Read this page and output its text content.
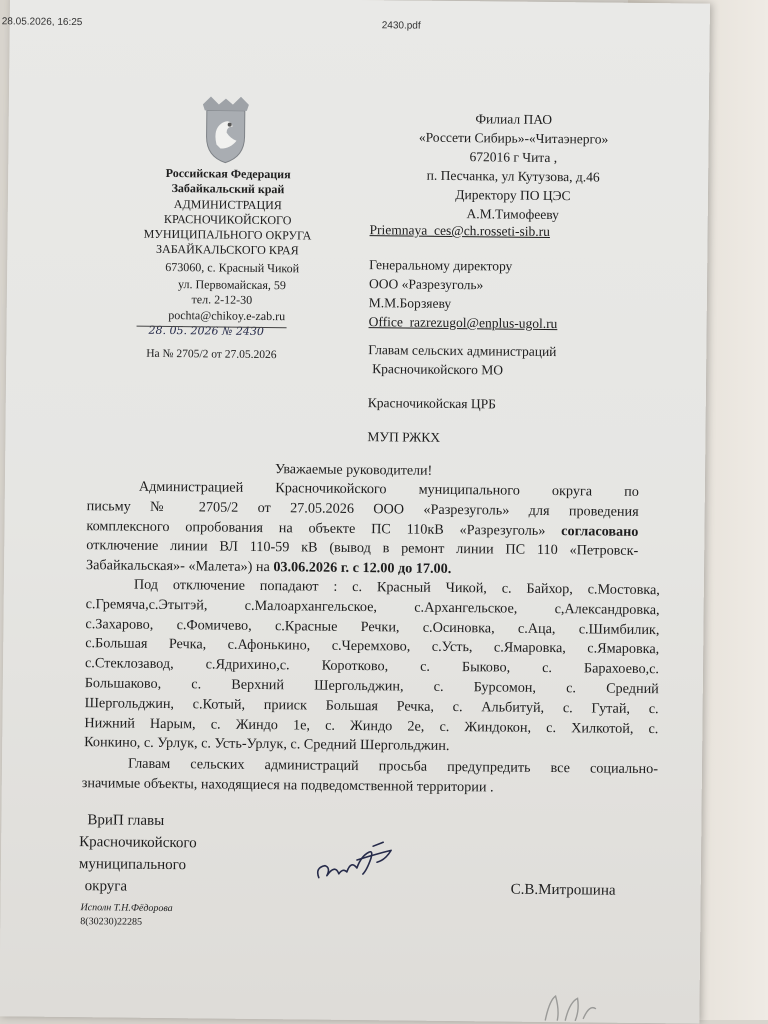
28.05.2026, 16:25	2430.pdf
Российская Федерация
Забайкальский край
АДМИНИСТРАЦИЯ
КРАСНОЧИКОЙСКОГО
МУНИЦИПАЛЬНОГО ОКРУГА
ЗАБАЙКАЛЬСКОГО КРАЯ
673060, с. Красный Чикой
ул. Первомайская, 59
тел. 2-12-30
pochta@chikoy.e-zab.ru
28. 05. 2026 № 2430
На № 2705/2 от 27.05.2026
Филиал ПАО
«Россети Сибирь»-«Читаэнерго»
672016 г Чита ,
п. Песчанка, ул Кутузова, д.46
Директору ПО ЦЭС
А.М.Тимофееву
Priemnaya_ces@ch.rosseti-sib.ru
Генеральному директору
ООО «Разрезуголь»
М.М.Борзяеву
Office_razrezugol@enplus-ugol.ru
Главам сельских администраций
Красночикойского МО
Красночикойская ЦРБ
МУП РЖКХ
Уважаемые руководители!
Администрацией Красночикойского муниципального округа по
письму № 2705/2 от 27.05.2026 ООО «Разрезуголь» для проведения
комплексного опробования на объекте ПС 110кВ «Разрезуголь» согласовано
отключение линии ВЛ 110-59 кВ (вывод в ремонт линии ПС 110 «Петровск-
Забайкальская»- «Малета») на 03.06.2026 г. с 12.00 до 17.00.
Под отключение попадают : с. Красный Чикой, с. Байхор, с.Мостовка,
с.Гремяча,с.Этытэй, с.Малоархангельское, с.Архангельское, с,Александровка,
с.Захарово, с.Фомичево, с.Красные Речки, с.Осиновка, с.Аца, с.Шимбилик,
с.Большая Речка, с.Афонькино, с.Черемхово, с.Усть, с.Ямаровка, с.Ямаровка,
с.Стеклозавод, с.Ядрихино,с. Коротково, с. Быково, с. Барахоево,с.
Большаково, с. Верхний Шергольджин, с. Бурсомон, с. Средний
Шергольджин, с.Котый, прииск Большая Речка, с. Альбитуй, с. Гутай, с.
Нижний Нарым, с. Жиндо 1е, с. Жиндо 2е, с. Жиндокон, с. Хилкотой, с.
Конкино, с. Урлук, с. Усть-Урлук, с. Средний Шергольджин.
Главам сельских администраций просьба предупредить все социально-
значимые объекты, находящиеся на подведомственной территории .
ВриП главы
Красночикойского
муниципального
округа	С.В.Митрошина
Исполн Т.Н.Фёдорова
8(30230)22285
